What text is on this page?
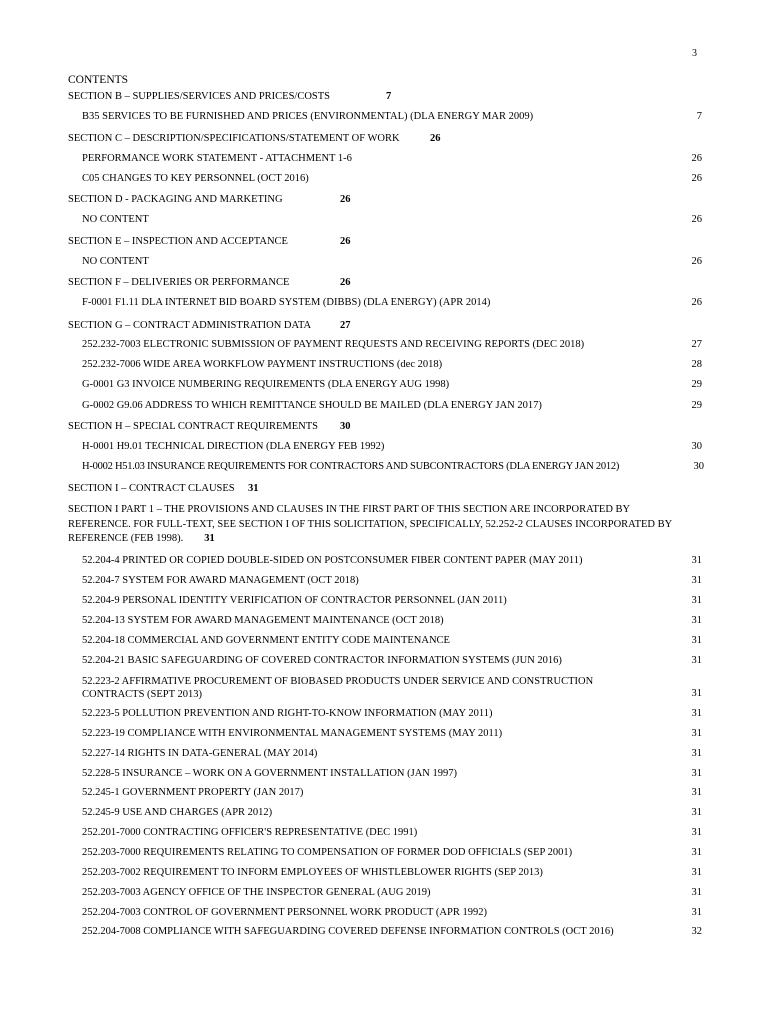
3
CONTENTS
SECTION B – SUPPLIES/SERVICES AND PRICES/COSTS	7
B35 SERVICES TO BE FURNISHED AND PRICES (ENVIRONMENTAL) (DLA ENERGY MAR 2009)	7
SECTION C – DESCRIPTION/SPECIFICATIONS/STATEMENT OF WORK	26
PERFORMANCE WORK STATEMENT - ATTACHMENT 1-6	26
C05 CHANGES TO KEY PERSONNEL (OCT 2016)	26
SECTION D - PACKAGING AND MARKETING	26
NO CONTENT	26
SECTION E – INSPECTION AND ACCEPTANCE	26
NO CONTENT	26
SECTION F – DELIVERIES OR PERFORMANCE	26
F-0001 F1.11 DLA INTERNET BID BOARD SYSTEM (DIBBS) (DLA ENERGY) (APR 2014)	26
SECTION G – CONTRACT ADMINISTRATION DATA	27
252.232-7003 ELECTRONIC SUBMISSION OF PAYMENT REQUESTS AND RECEIVING REPORTS (DEC 2018)	27
252.232-7006 WIDE AREA WORKFLOW PAYMENT INSTRUCTIONS (dec 2018)	28
G-0001 G3 INVOICE NUMBERING REQUIREMENTS (DLA ENERGY AUG 1998)	29
G-0002 G9.06 ADDRESS TO WHICH REMITTANCE SHOULD BE MAILED (DLA ENERGY JAN 2017)	29
SECTION H – SPECIAL CONTRACT REQUIREMENTS 30
H-0001 H9.01 TECHNICAL DIRECTION (DLA ENERGY FEB 1992)	30
H-0002 H51.03 INSURANCE REQUIREMENTS FOR CONTRACTORS AND SUBCONTRACTORS (DLA ENERGY JAN 2012)	30
SECTION I – CONTRACT CLAUSES 31
SECTION I PART 1 – THE PROVISIONS AND CLAUSES IN THE FIRST PART OF THIS SECTION ARE INCORPORATED BY REFERENCE. FOR FULL-TEXT, SEE SECTION I OF THIS SOLICITATION, SPECIFICALLY, 52.252-2 CLAUSES INCORPORATED BY REFERENCE (FEB 1998). 31
52.204-4 PRINTED OR COPIED DOUBLE-SIDED ON POSTCONSUMER FIBER CONTENT PAPER (MAY 2011)	31
52.204-7 SYSTEM FOR AWARD MANAGEMENT (OCT 2018)	31
52.204-9 PERSONAL IDENTITY VERIFICATION OF CONTRACTOR PERSONNEL (JAN 2011)	31
52.204-13 SYSTEM FOR AWARD MANAGEMENT MAINTENANCE (OCT 2018)	31
52.204-18 COMMERCIAL AND GOVERNMENT ENTITY CODE MAINTENANCE	31
52.204-21 BASIC SAFEGUARDING OF COVERED CONTRACTOR INFORMATION SYSTEMS (JUN 2016)	31
52.223-2 AFFIRMATIVE PROCUREMENT OF BIOBASED PRODUCTS UNDER SERVICE AND CONSTRUCTION CONTRACTS (SEPT 2013)	31
52.223-5 POLLUTION PREVENTION AND RIGHT-TO-KNOW INFORMATION (MAY 2011)	31
52.223-19 COMPLIANCE WITH ENVIRONMENTAL MANAGEMENT SYSTEMS (MAY 2011)	31
52.227-14 RIGHTS IN DATA-GENERAL (MAY 2014)	31
52.228-5 INSURANCE – WORK ON A GOVERNMENT INSTALLATION (JAN 1997)	31
52.245-1 GOVERNMENT PROPERTY (JAN 2017)	31
52.245-9 USE AND CHARGES (APR 2012)	31
252.201-7000 CONTRACTING OFFICER'S REPRESENTATIVE (DEC 1991)	31
252.203-7000 REQUIREMENTS RELATING TO COMPENSATION OF FORMER DOD OFFICIALS (SEP 2001)	31
252.203-7002 REQUIREMENT TO INFORM EMPLOYEES OF WHISTLEBLOWER RIGHTS (SEP 2013)	31
252.203-7003 AGENCY OFFICE OF THE INSPECTOR GENERAL (AUG 2019)	31
252.204-7003 CONTROL OF GOVERNMENT PERSONNEL WORK PRODUCT (APR 1992)	31
252.204-7008 COMPLIANCE WITH SAFEGUARDING COVERED DEFENSE INFORMATION CONTROLS (OCT 2016)	32
